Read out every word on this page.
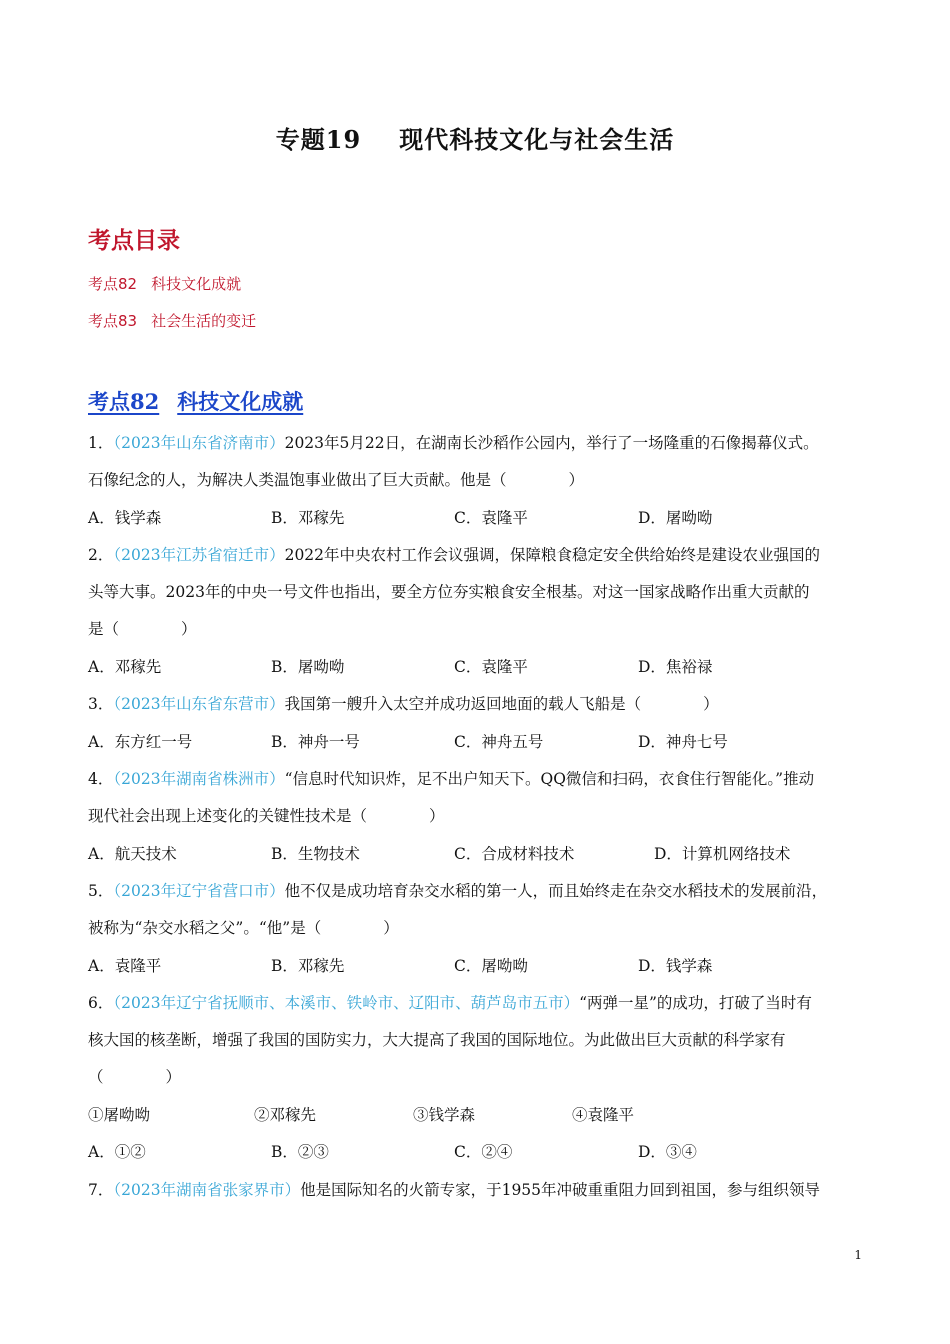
专题19 现代科技文化与社会生活
考点目录
考点82 科技文化成就
考点83 社会生活的变迁
考点82 科技文化成就
1．（2023年山东省济南市）2023年5月22日，在湖南长沙稻作公园内，举行了一场隆重的石像揭幕仪式。
石像纪念的人，为解决人类温饱事业做出了巨大贡献。他是（　　　　）
A．钱学森	B．邓稼先	C．袁隆平	D．屠呦呦
2．（2023年江苏省宿迁市）2022年中央农村工作会议强调，保障粮食稳定安全供给始终是建设农业强国的
头等大事。2023年的中央一号文件也指出，要全方位夯实粮食安全根基。对这一国家战略作出重大贡献的
是（　　　　）
A．邓稼先	B．屠呦呦	C．袁隆平	D．焦裕禄
3．（2023年山东省东营市）我国第一艘升入太空并成功返回地面的载人飞船是（　　　　）
A．东方红一号	B．神舟一号	C．神舟五号	D．神舟七号
4．（2023年湖南省株洲市）“信息时代知识炸，足不出户知天下。QQ微信和扫码，衣食住行智能化。”推动
现代社会出现上述变化的关键性技术是（　　　　）
A．航天技术	B．生物技术	C．合成材料技术	D．计算机网络技术
5．（2023年辽宁省营口市）他不仅是成功培育杂交水稻的第一人，而且始终走在杂交水稻技术的发展前沿，
被称为“杂交水稻之父”。“他”是（　　　　）
A．袁隆平	B．邓稼先	C．屠呦呦	D．钱学森
6．（2023年辽宁省抚顺市、本溪市、铁岭市、辽阳市、葫芦岛市五市）“两弹一星”的成功，打破了当时有
核大国的核垄断，增强了我国的国防实力，大大提高了我国的国际地位。为此做出巨大贡献的科学家有
（　　　　）
①屠呦呦	②邓稼先	③钱学森	④袁隆平
A．①②	B．②③	C．②④	D．③④
7．（2023年湖南省张家界市）他是国际知名的火箭专家，于1955年冲破重重阻力回到祖国，参与组织领导
1
